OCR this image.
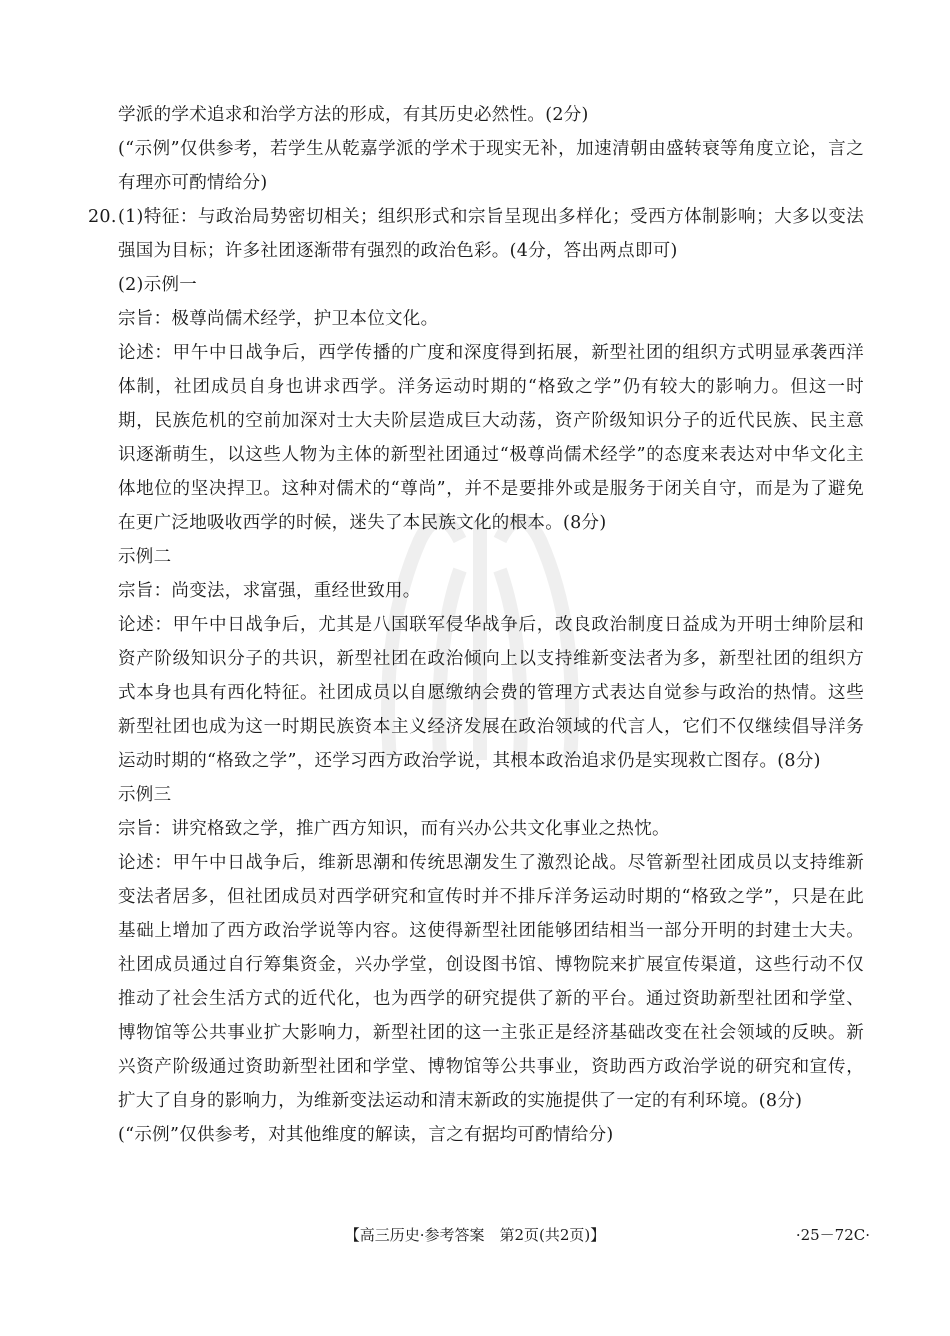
学派的学术追求和治学方法的形成，有其历史必然性。(2分)

(“示例”仅供参考，若学生从乾嘉学派的学术于现实无补，加速清朝由盛转衰等角度立论，言之有理亦可酌情给分)

20. (1)特征：与政治局势密切相关；组织形式和宗旨呈现出多样化；受西方体制影响；大多以变法强国为目标；许多社团逐渐带有强烈的政治色彩。(4分，答出两点即可)

(2)示例一

宗旨：极尊尚儒术经学，护卫本位文化。

论述：甲午中日战争后，西学传播的广度和深度得到拓展，新型社团的组织方式明显承袭西洋体制，社团成员自身也讲求西学。洋务运动时期的“格致之学”仍有较大的影响力。但这一时期，民族危机的空前加深对士大夫阶层造成巨大动荡，资产阶级知识分子的近代民族、民主意识逐渐萌生，以这些人物为主体的新型社团通过“极尊尚儒术经学”的态度来表达对中华文化主体地位的坚决捍卫。这种对儒术的“尊尚”，并不是要排外或是服务于闭关自守，而是为了避免在更广泛地吸收西学的时候，迷失了本民族文化的根本。(8分)

示例二

宗旨：尚变法，求富强，重经世致用。

论述：甲午中日战争后，尤其是八国联军侵华战争后，改良政治制度日益成为开明士绅阶层和资产阶级知识分子的共识，新型社团在政治倾向上以支持维新变法者为多，新型社团的组织方式本身也具有西化特征。社团成员以自愿缴纳会费的管理方式表达自觉参与政治的热情。这些新型社团也成为这一时期民族资本主义经济发展在政治领域的代言人，它们不仅继续倡导洋务运动时期的“格致之学”，还学习西方政治学说，其根本政治追求仍是实现救亡图存。(8分)

示例三

宗旨：讲究格致之学，推广西方知识，而有兴办公共文化事业之热忱。

论述：甲午中日战争后，维新思潮和传统思潮发生了激烈论战。尽管新型社团成员以支持维新变法者居多，但社团成员对西学研究和宣传时并不排斥洋务运动时期的“格致之学”，只是在此基础上增加了西方政治学说等内容。这使得新型社团能够团结相当一部分开明的封建士大夫。社团成员通过自行筹集资金，兴办学堂，创设图书馆、博物院来扩展宣传渠道，这些行动不仅推动了社会生活方式的近代化，也为西学的研究提供了新的平台。通过资助新型社团和学堂、博物馆等公共事业扩大影响力，新型社团的这一主张正是经济基础改变在社会领域的反映。新兴资产阶级通过资助新型社团和学堂、博物馆等公共事业，资助西方政治学说的研究和宣传，扩大了自身的影响力，为维新变法运动和清末新政的实施提供了一定的有利环境。(8分)

(“示例”仅供参考，对其他维度的解读，言之有据均可酌情给分)

【高三历史·参考答案　第2页(共2页)】	·25－72C·
